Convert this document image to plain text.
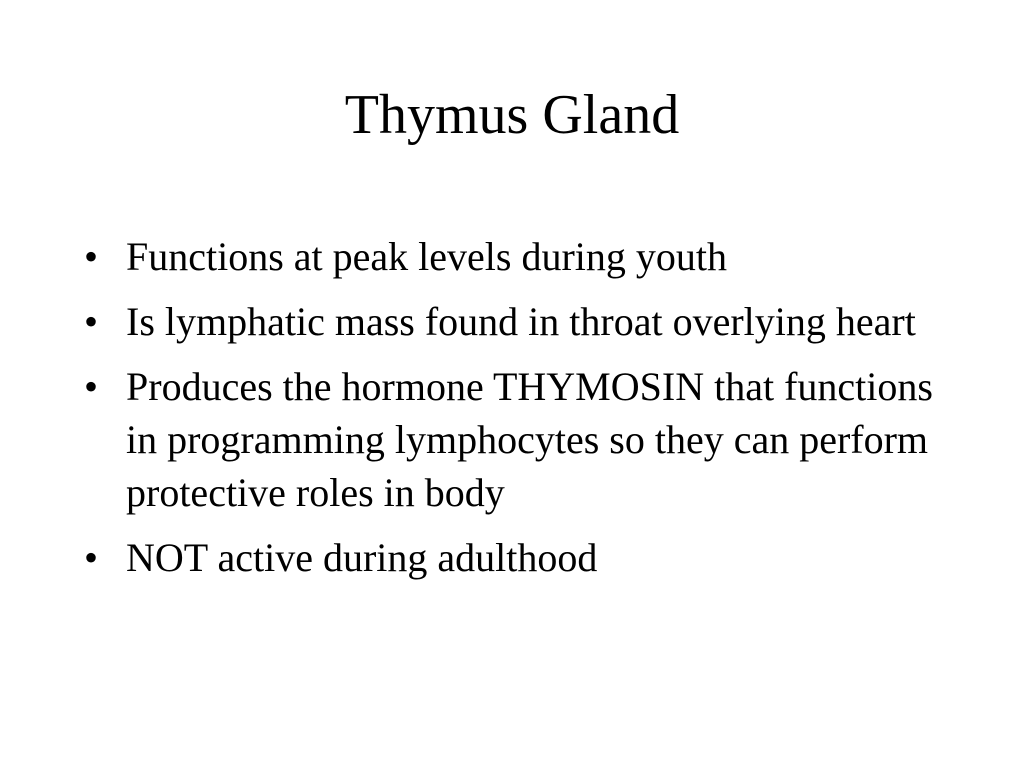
Thymus Gland
• Functions at peak levels during youth
• Is lymphatic mass found in throat overlying heart
• Produces the hormone THYMOSIN that functions in programming lymphocytes so they can perform protective roles in body
• NOT active during adulthood
